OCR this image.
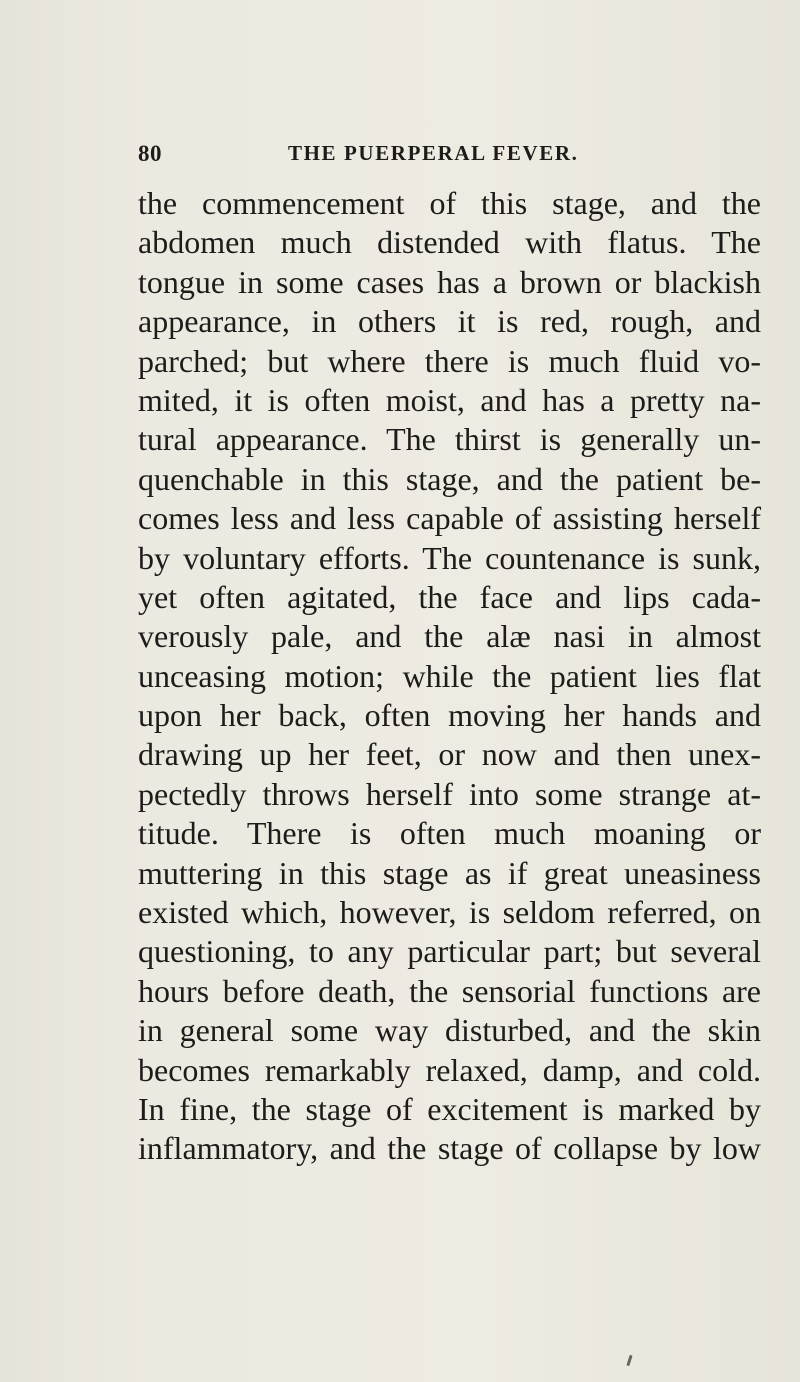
80	THE PUERPERAL FEVER.
the commencement of this stage, and the
abdomen much distended with flatus. The
tongue in some cases has a brown or blackish
appearance, in others it is red, rough, and
parched; but where there is much fluid vo-
mited, it is often moist, and has a pretty na-
tural appearance. The thirst is generally un-
quenchable in this stage, and the patient be-
comes less and less capable of assisting herself
by voluntary efforts. The countenance is sunk,
yet often agitated, the face and lips cada-
verously pale, and the alæ nasi in almost
unceasing motion; while the patient lies flat
upon her back, often moving her hands and
drawing up her feet, or now and then unex-
pectedly throws herself into some strange at-
titude. There is often much moaning or
muttering in this stage as if great uneasiness
existed which, however, is seldom referred, on
questioning, to any particular part; but several
hours before death, the sensorial functions are
in general some way disturbed, and the skin
becomes remarkably relaxed, damp, and cold.
In fine, the stage of excitement is marked by
inflammatory, and the stage of collapse by low
